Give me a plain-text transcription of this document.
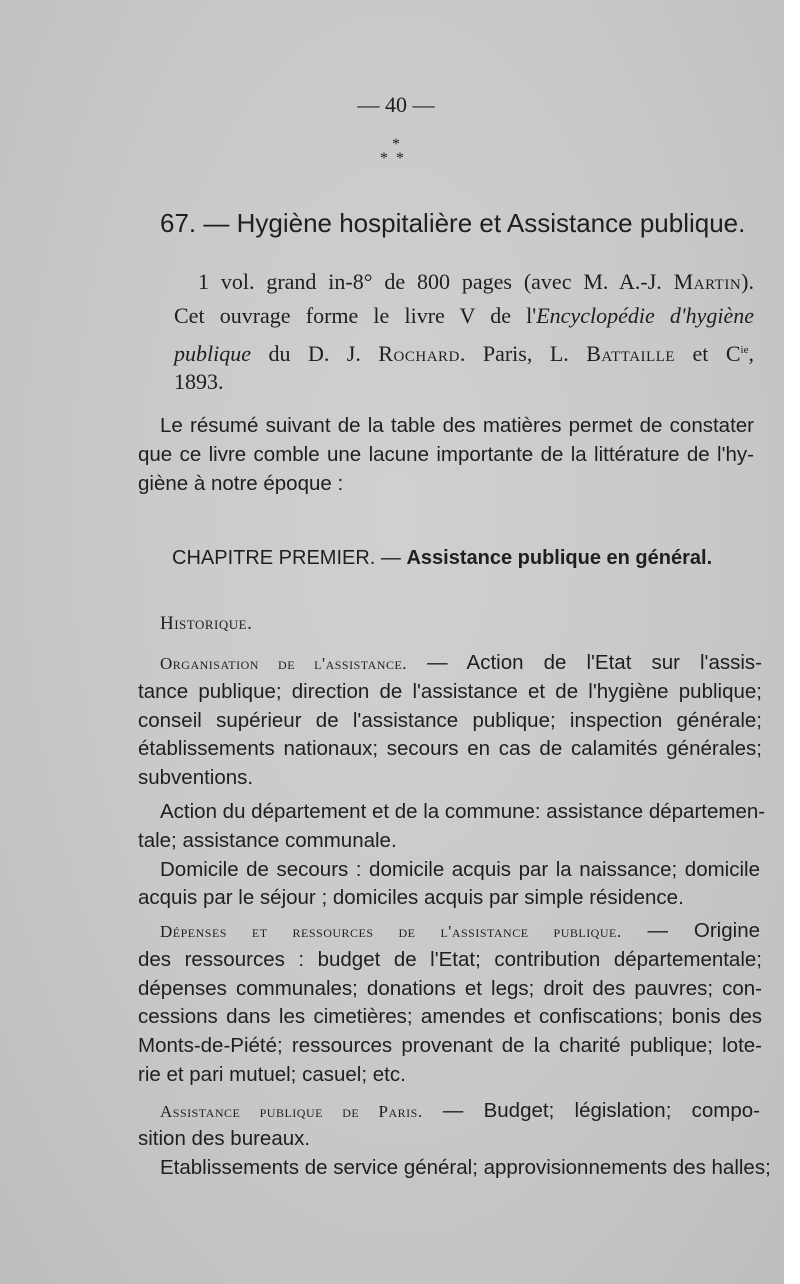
— 40 —
*
**
67. — Hygiène hospitalière et Assistance publique.
1 vol. grand in-8° de 800 pages (avec M. A.-J. Martin).
Cet ouvrage forme le livre V de l'Encyclopédie d'hygiène
publique du D. J. Rochard. Paris, L. Battaille et $C^{ie}$,
1893.
Le résumé suivant de la table des matières permet de constater
que ce livre comble une lacune importante de la littérature de l'hy-
giène à notre époque :
CHAPITRE PREMIER. — Assistance publique en général.
Historique.
Organisation de l'assistance. — Action de l'Etat sur l'assis-
tance publique; direction de l'assistance et de l'hygiène publique;
conseil supérieur de l'assistance publique; inspection générale;
établissements nationaux; secours en cas de calamités générales;
subventions.
Action du département et de la commune: assistance départemen-
tale; assistance communale.
Domicile de secours : domicile acquis par la naissance; domicile
acquis par le séjour ; domiciles acquis par simple résidence.
Dépenses et ressources de l'assistance publique. — Origine
des ressources : budget de l'Etat; contribution départementale;
dépenses communales; donations et legs; droit des pauvres; con-
cessions dans les cimetières; amendes et confiscations; bonis des
Monts-de-Piété; ressources provenant de la charité publique; lote-
rie et pari mutuel; casuel; etc.
Assistance publique de Paris. — Budget; législation; compo-
sition des bureaux.
Etablissements de service général; approvisionnements des halles;
